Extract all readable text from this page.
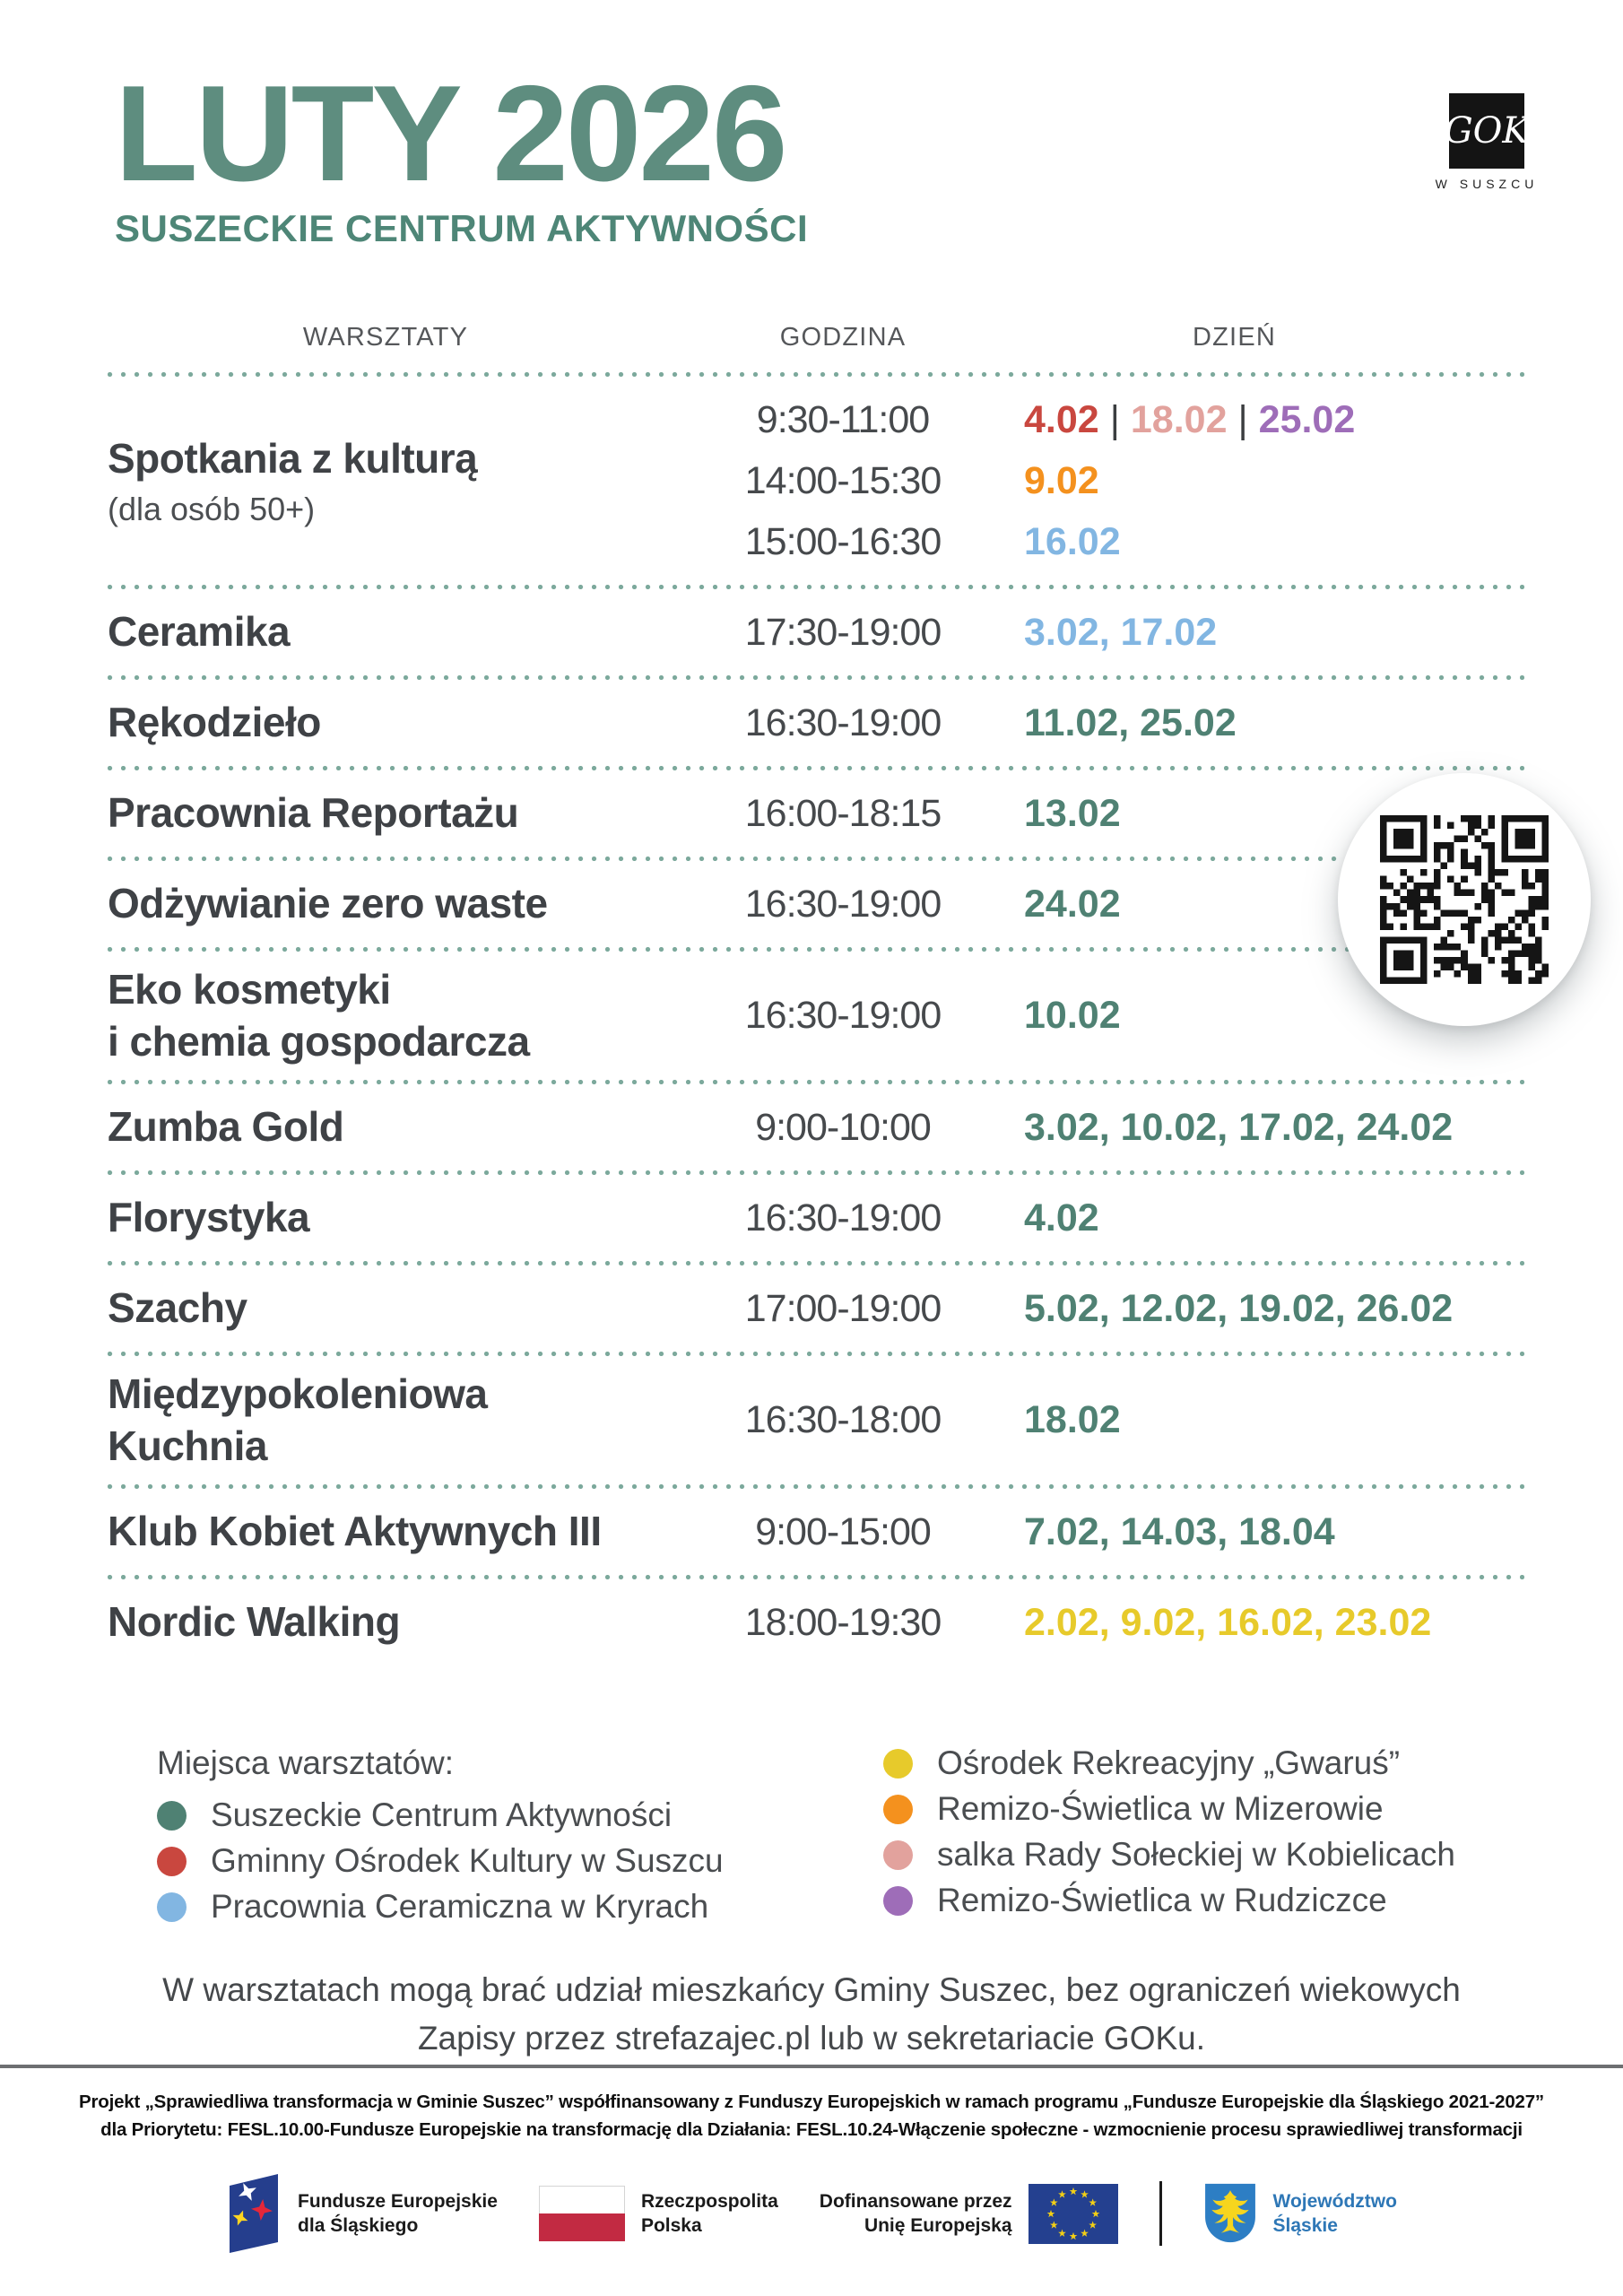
LUTY 2026
SUSZECKIE CENTRUM AKTYWNOŚCI
GOK
W SUSZCU
WARSZTATY	GODZINA	DZIEŃ
Spotkania z kulturą
(dla osób 50+)
9:30-11:00	4.02 | 18.02 | 25.02
14:00-15:30	9.02
15:00-16:30	16.02
Ceramika	17:30-19:00	3.02, 17.02
Rękodzieło	16:30-19:00	11.02, 25.02
Pracownia Reportażu	16:00-18:15	13.02
Odżywianie zero waste	16:30-19:00	24.02
Eko kosmetyki
i chemia gospodarcza
16:30-19:00	10.02
Zumba Gold	9:00-10:00	3.02, 10.02, 17.02, 24.02
Florystyka	16:30-19:00	4.02
Szachy	17:00-19:00	5.02, 12.02, 19.02, 26.02
Międzypokoleniowa
Kuchnia
16:30-18:00	18.02
Klub Kobiet Aktywnych III	9:00-15:00	7.02, 14.03, 18.04
Nordic Walking	18:00-19:30	2.02, 9.02, 16.02, 23.02
Miejsca warsztatów:
Suszeckie Centrum Aktywności
Gminny Ośrodek Kultury w Suszcu
Pracownia Ceramiczna w Kryrach
Ośrodek Rekreacyjny „Gwaruś”
Remizo-Świetlica w Mizerowie
salka Rady Sołeckiej w Kobielicach
Remizo-Świetlica w Rudziczce
W warsztatach mogą brać udział mieszkańcy Gminy Suszec, bez ograniczeń wiekowych
Zapisy przez strefazajec.pl lub w sekretariacie GOKu.

Projekt „Sprawiedliwa transformacja w Gminie Suszec” współfinansowany z Funduszy Europejskich w ramach programu „Fundusze Europejskie dla Śląskiego 2021-2027”

dla Priorytetu: FESL.10.00-Fundusze Europejskie na transformację dla Działania: FESL.10.24-Włączenie społeczne - wzmocnienie procesu sprawiedliwej transformacji

Fundusze Europejskie
dla Śląskiego
Rzeczpospolita
Polska
Dofinansowane przez
Unię Europejską
Województwo
Śląskie
